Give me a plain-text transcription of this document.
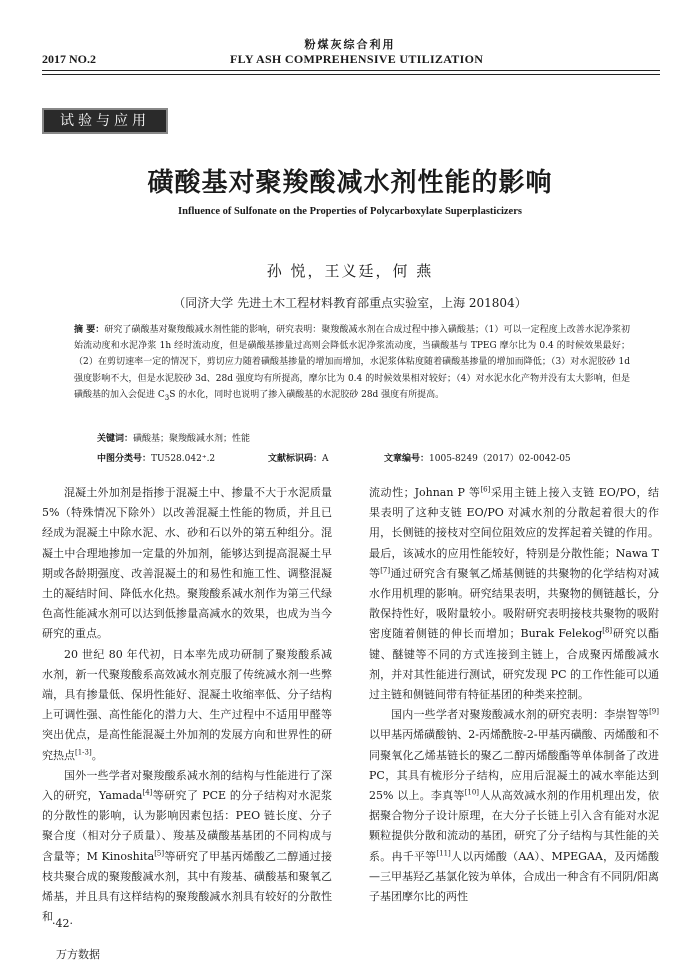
粉煤灰综合利用
2017 NO.2	FLY ASH COMPREHENSIVE UTILIZATION
试验与应用
磺酸基对聚羧酸减水剂性能的影响
Influence of Sulfonate on the Properties of Polycarboxylate Superplasticizers
孙 悦，王义廷，何 燕
（同济大学 先进土木工程材料教育部重点实验室，上海 201804）
摘 要：研究了磺酸基对聚羧酸减水剂性能的影响，研究表明：聚羧酸减水剂在合成过程中掺入磺酸基；（1）可以一定程度上改善水泥净浆初始流动度和水泥净浆 1h 经时流动度，但是磺酸基掺量过高则会降低水泥净浆流动度，当磺酸基与 TPEG 摩尔比为 0.4 的时候效果最好；（2）在剪切速率一定的情况下，剪切应力随着磺酸基掺量的增加而增加，水泥浆体粘度随着磺酸基掺量的增加而降低；（3）对水泥胶砂 1d 强度影响不大，但是水泥胶砂 3d、28d 强度均有所提高，摩尔比为 0.4 的时候效果相对较好；（4）对水泥水化产物并没有太大影响，但是磺酸基的加入会促进 $C_3S$ 的水化，同时也说明了掺入磺酸基的水泥胶砂 28d 强度有所提高。
关键词：磺酸基；聚羧酸减水剂；性能
中图分类号：TU528.042⁺.2	文献标识码：A	文章编号：1005-8249（2017）02-0042-05

混凝土外加剂是指掺于混凝土中、掺量不大于水泥质量 5%（特殊情况下除外）以改善混凝土性能的物质，并且已经成为混凝土中除水泥、水、砂和石以外的第五种组分。混凝土中合理地掺加一定量的外加剂，能够达到提高混凝土早期或各龄期强度、改善混凝土的和易性和施工性、调整混凝土的凝结时间、降低水化热。聚羧酸系减水剂作为第三代绿色高性能减水剂可以达到低掺量高减水的效果，也成为当今研究的重点。

20 世纪 80 年代初，日本率先成功研制了聚羧酸系减水剂，新一代聚羧酸系高效减水剂克服了传统减水剂一些弊端，具有掺量低、保坍性能好、混凝土收缩率低、分子结构上可调性强、高性能化的潜力大、生产过程中不适用甲醛等突出优点，是高性能混凝土外加剂的发展方向和世界性的研究热点[1-3]。

国外一些学者对聚羧酸系减水剂的结构与性能进行了深入的研究，Yamada[4]等研究了 PCE 的分子结构对水泥浆的分散性的影响，认为影响因素包括：PEO 链长度、分子聚合度（相对分子质量）、羧基及磺酸基基团的不同构成与含量等；M Kinoshita[5]等研究了甲基丙烯酸乙二醇通过接枝共聚合成的聚羧酸减水剂，其中有羧基、磺酸基和聚氧乙烯基，并且具有这样结构的聚羧酸减水剂具有较好的分散性和

流动性；Johnan P 等[6]采用主链上接入支链 EO/PO，结果表明了这种支链 EO/PO 对减水剂的分散起着很大的作用，长侧链的接枝对空间位阻效应的发挥起着关键的作用。最后，该减水的应用性能较好，特别是分散性能；Nawa T 等[7]通过研究含有聚氧乙烯基侧链的共聚物的化学结构对减水作用机理的影响。研究结果表明，共聚物的侧链越长，分散保持性好，吸附量较小。吸附研究表明接枝共聚物的吸附密度随着侧链的伸长而增加；Burak Felekog[8]研究以酯键、醚键等不同的方式连接到主链上，合成聚丙烯酸减水剂，并对其性能进行测试，研究发现 PC 的工作性能可以通过主链和侧链间带有特征基团的种类来控制。

国内一些学者对聚羧酸减水剂的研究表明：李崇智等[9]以甲基丙烯磺酸钠、2-丙烯酰胺-2-甲基丙磺酸、丙烯酸和不同聚氧化乙烯基链长的聚乙二醇丙烯酸酯等单体制备了改进 PC，其具有梳形分子结构，应用后混凝土的减水率能达到 25% 以上。李真等[10]人从高效减水剂的作用机理出发，依据聚合物分子设计原理，在大分子长链上引入含有能对水泥颗粒提供分散和流动的基团，研究了分子结构与其性能的关系。冉千平等[11]人以丙烯酸（AA）、MPEGAA，及丙烯酸—三甲基羟乙基氯化铵为单体，合成出一种含有不同阴/阳离子基团摩尔比的两性

·42·
万方数据
